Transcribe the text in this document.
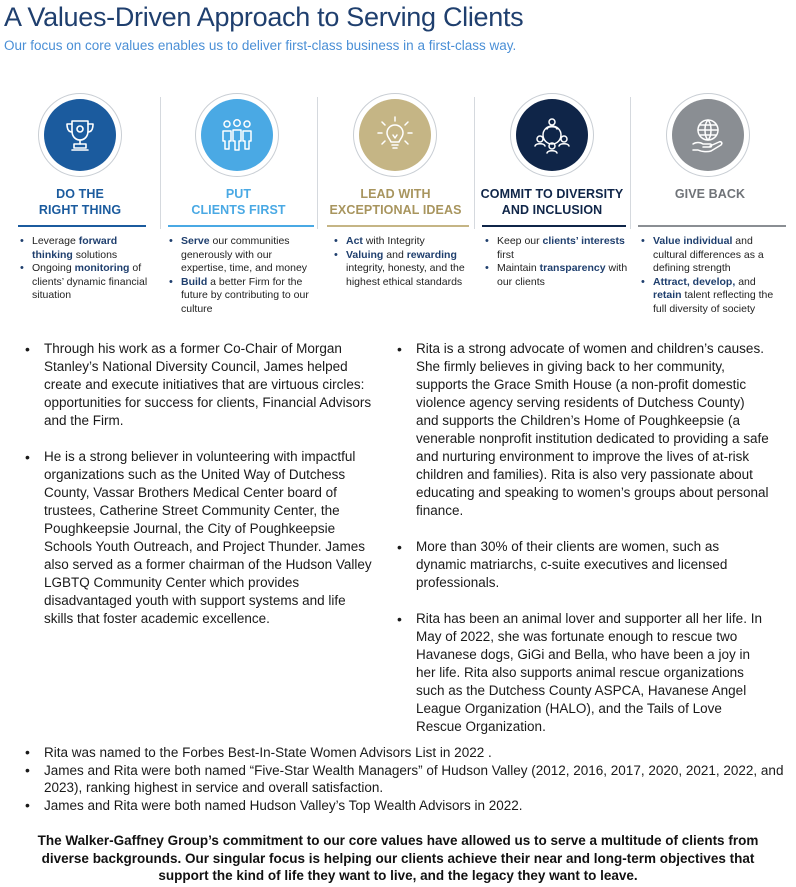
A Values-Driven Approach to Serving Clients
Our focus on core values enables us to deliver first-class business in a first-class way.
DO THE
RIGHT THING
• Leverage forward thinking solutions
• Ongoing monitoring of clients’ dynamic financial situation
PUT
CLIENTS FIRST
• Serve our communities generously with our expertise, time, and money
• Build a better Firm for the future by contributing to our culture
LEAD WITH
EXCEPTIONAL IDEAS
• Act with Integrity
• Valuing and rewarding integrity, honesty, and the highest ethical standards
COMMIT TO DIVERSITY
AND INCLUSION
• Keep our clients’ interests first
• Maintain transparency with our clients
GIVE BACK
• Value individual and cultural differences as a defining strength
• Attract, develop, and retain talent reflecting the full diversity of society
• Through his work as a former Co-Chair of Morgan Stanley’s National Diversity Council, James helped create and execute initiatives that are virtuous circles: opportunities for success for clients, Financial Advisors and the Firm.
• He is a strong believer in volunteering with impactful organizations such as the United Way of Dutchess County, Vassar Brothers Medical Center board of trustees, Catherine Street Community Center, the Poughkeepsie Journal, the City of Poughkeepsie Schools Youth Outreach, and Project Thunder. James also served as a former chairman of the Hudson Valley LGBTQ Community Center which provides disadvantaged youth with support systems and life skills that foster academic excellence.
• Rita is a strong advocate of women and children’s causes. She firmly believes in giving back to her community, supports the Grace Smith House (a non-profit domestic violence agency serving residents of Dutchess County) and supports the Children’s Home of Poughkeepsie (a venerable nonprofit institution dedicated to providing a safe and nurturing environment to improve the lives of at-risk children and families). Rita is also very passionate about educating and speaking to women’s groups about personal finance.
• More than 30% of their clients are women, such as dynamic matriarchs, c-suite executives and licensed professionals.
• Rita has been an animal lover and supporter all her life. In May of 2022, she was fortunate enough to rescue two Havanese dogs, GiGi and Bella, who have been a joy in her life. Rita also supports animal rescue organizations such as the Dutchess County ASPCA, Havanese Angel League Organization (HALO), and the Tails of Love Rescue Organization.
• Rita was named to the Forbes Best-In-State Women Advisors List in 2022 .
• James and Rita were both named “Five-Star Wealth Managers” of Hudson Valley (2012, 2016, 2017, 2020, 2021, 2022, and 2023), ranking highest in service and overall satisfaction.
• James and Rita were both named Hudson Valley’s Top Wealth Advisors in 2022.
The Walker-Gaffney Group’s commitment to our core values have allowed us to serve a multitude of clients from diverse backgrounds. Our singular focus is helping our clients achieve their near and long-term objectives that support the kind of life they want to live, and the legacy they want to leave.
